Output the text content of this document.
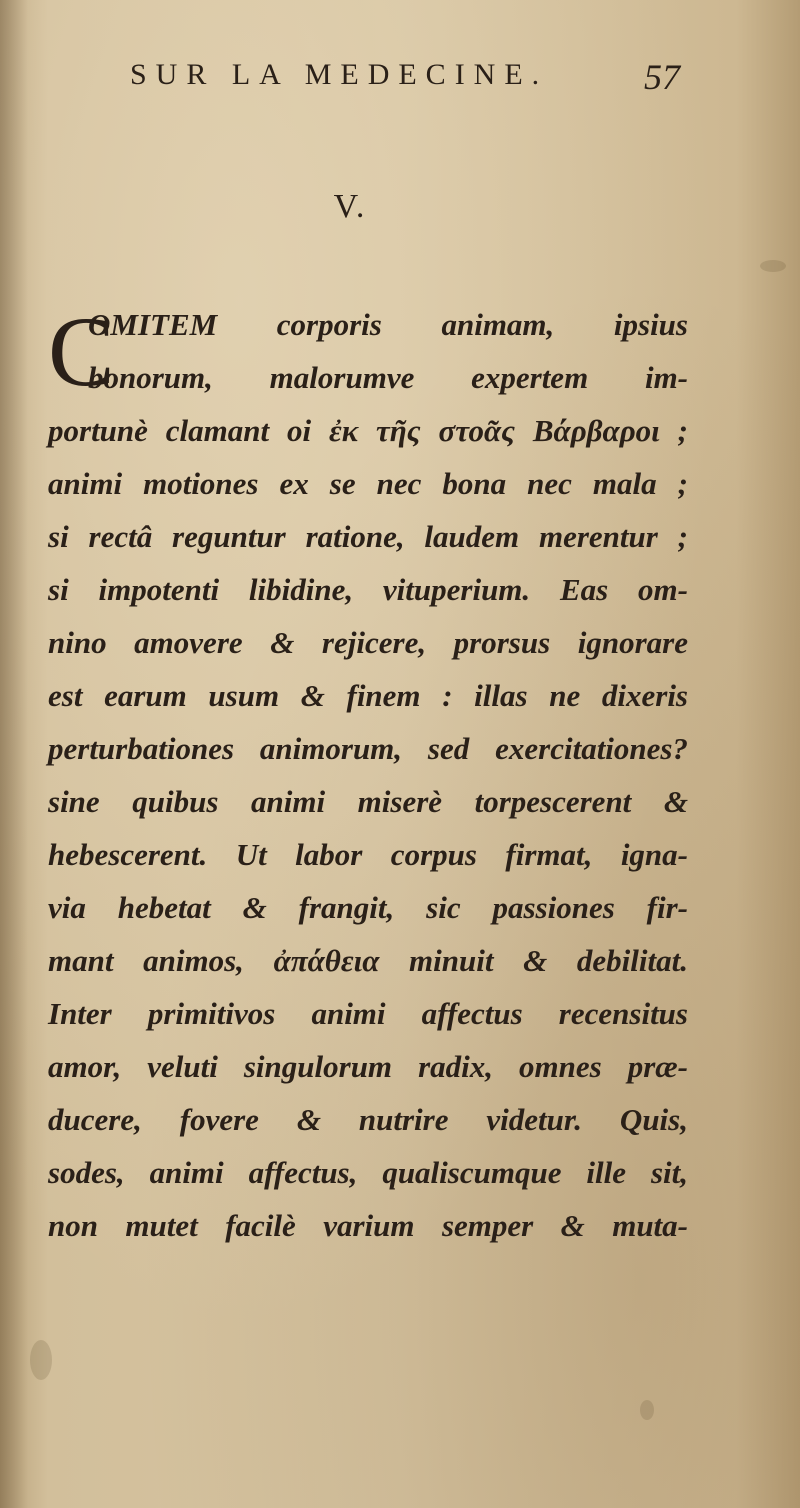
SUR LA MEDECINE.	57
V.
C
OMITEM corporis animam, ipsius
bonorum, malorumve expertem im-
portunè clamant oi ἐκ τῆς στοᾶς Βάρβαροι ;
animi motiones ex se nec bona nec mala ;
si rectâ reguntur ratione, laudem merentur ;
si impotenti libidine, vituperium. Eas om-
nino amovere & rejicere, prorsus ignorare
est earum usum & finem : illas ne dixeris
perturbationes animorum, sed exercitationes?
sine quibus animi miserè torpescerent &
hebescerent. Ut labor corpus firmat, igna-
via hebetat & frangit, sic passiones fir-
mant animos, ἀπάθεια minuit & debilitat.
Inter primitivos animi affectus recensitus
amor, veluti singulorum radix, omnes præ-
ducere, fovere & nutrire videtur. Quis,
sodes, animi affectus, qualiscumque ille sit,
non mutet facilè varium semper & muta-
